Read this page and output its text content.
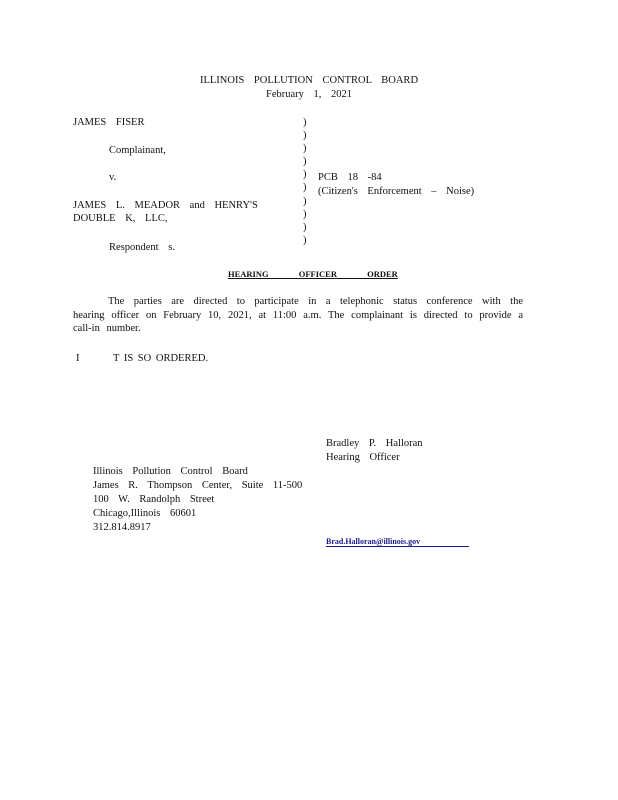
ILLINOIS POLLUTION CONTROL BOARD
February 1, 2021
JAMES FISER
Complainant,
v.
JAMES L. MEADOR and HENRY'S
DOUBLE K, LLC,
Respondent s.
)
)
)
)
)
)
)
)
)
)
PCB 18 -84
(Citizen's Enforcement – Noise)
HEARING OFFICER ORDER
The parties are directed to participate in a telephonic status conference with the hearing officer on February 10, 2021, at 11:00 a.m. The complainant is directed to provide a call-in number.
I	T IS SO ORDERED.
Bradley P. Halloran
Hearing Officer
Illinois Pollution Control Board
James R. Thompson Center, Suite 11-500
100 W. Randolph Street
Chicago,Illinois 60601
312.814.8917
Brad.Halloran@illinois.gov
